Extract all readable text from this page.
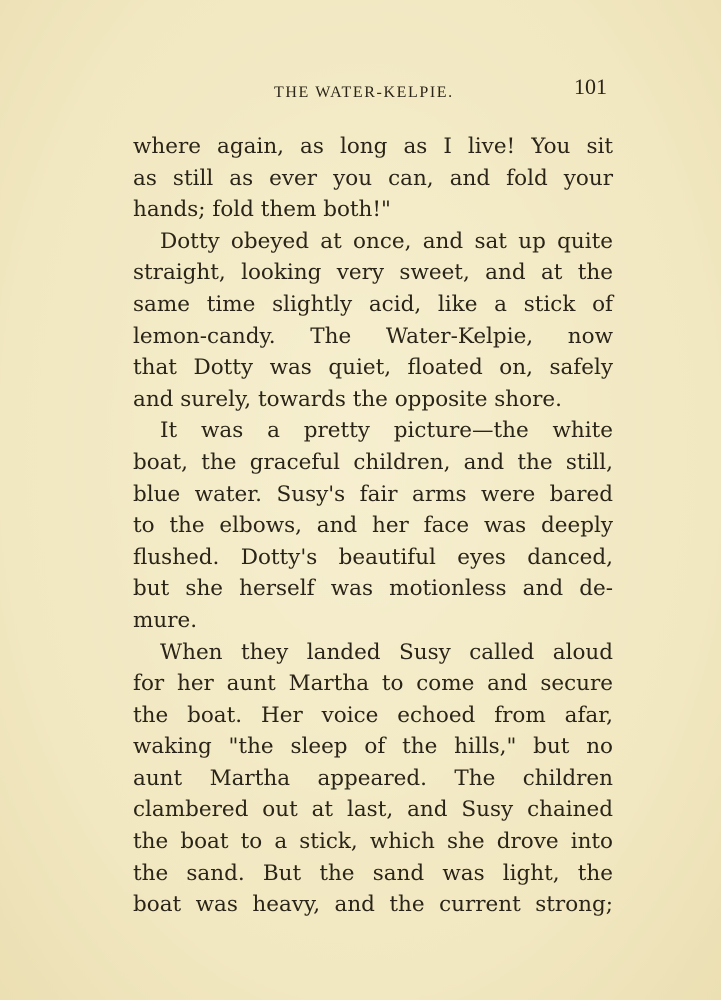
THE WATER-KELPIE.	101
where again, as long as I live! You sit
as still as ever you can, and fold your
hands; fold them both!"
Dotty obeyed at once, and sat up quite
straight, looking very sweet, and at the
same time slightly acid, like a stick of
lemon-candy. The Water-Kelpie, now
that Dotty was quiet, floated on, safely
and surely, towards the opposite shore.
It was a pretty picture—the white
boat, the graceful children, and the still,
blue water. Susy's fair arms were bared
to the elbows, and her face was deeply
flushed. Dotty's beautiful eyes danced,
but she herself was motionless and de-
mure.
When they landed Susy called aloud
for her aunt Martha to come and secure
the boat. Her voice echoed from afar,
waking "the sleep of the hills," but no
aunt Martha appeared. The children
clambered out at last, and Susy chained
the boat to a stick, which she drove into
the sand. But the sand was light, the
boat was heavy, and the current strong;
